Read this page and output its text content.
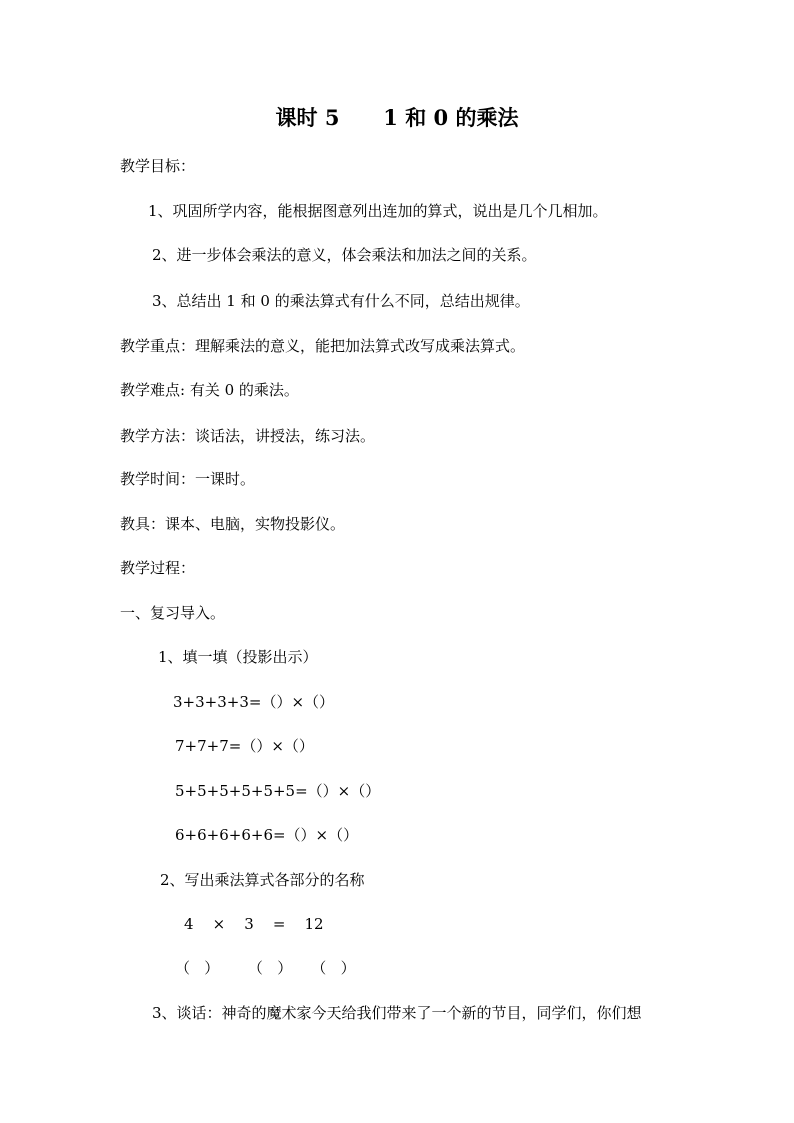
课时 5      1 和 0 的乘法
教学目标：
1、巩固所学内容，能根据图意列出连加的算式，说出是几个几相加。
2、进一步体会乘法的意义，体会乘法和加法之间的关系。
3、总结出 1 和 0 的乘法算式有什么不同，总结出规律。
教学重点：理解乘法的意义，能把加法算式改写成乘法算式。
教学难点: 有关 0 的乘法。
教学方法：谈话法，讲授法，练习法。
教学时间：一课时。
教具：课本、电脑，实物投影仪。
教学过程：
一、复习导入。
1、填一填（投影出示）
3+3+3+3=（）×（）
7+7+7=（）×（）
5+5+5+5+5+5=（）×（）
6+6+6+6+6=（）×（）
2、写出乘法算式各部分的名称
4    ×    3    =    12
（   ）      （   ）    （   ）
3、谈话：神奇的魔术家今天给我们带来了一个新的节目，同学们，你们想
